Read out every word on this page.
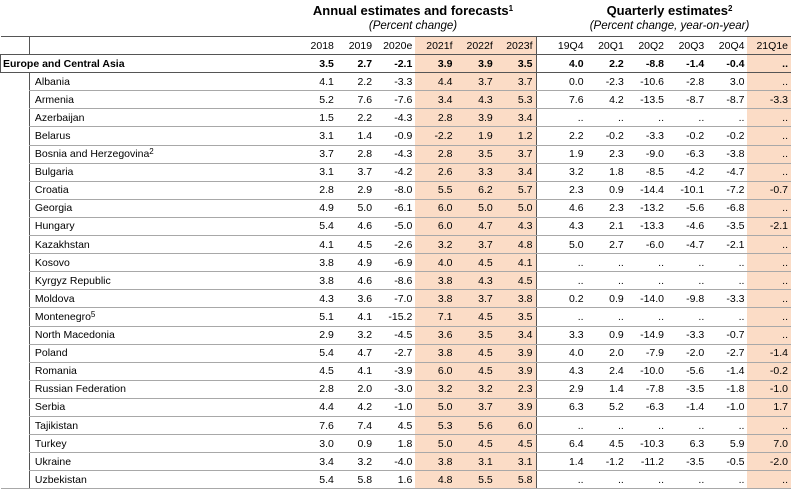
Annual estimates and forecasts$^1$
(Percent change)
Quarterly estimates$^2$
(Percent change, year-on-year)
			2018	2019	2020e	2021f	2022f	2023f		19Q4	20Q1	20Q2	20Q3	20Q4	21Q1e
Europe and Central Asia			3.5	2.7	-2.1	3.9	3.9	3.5		4.0	2.2	-8.8	-1.4	-0.4	..
		Albania	4.1	2.2	-3.3	4.4	3.7	3.7		0.0	-2.3	-10.6	-2.8	3.0	..
		Armenia	5.2	7.6	-7.6	3.4	4.3	5.3		7.6	4.2	-13.5	-8.7	-8.7	-3.3
		Azerbaijan	1.5	2.2	-4.3	2.8	3.9	3.4		..	..	..	..	..	..
		Belarus	3.1	1.4	-0.9	-2.2	1.9	1.2		2.2	-0.2	-3.3	-0.2	-0.2	..
		Bosnia and Herzegovina$^2$	3.7	2.8	-4.3	2.8	3.5	3.7		1.9	2.3	-9.0	-6.3	-3.8	..
		Bulgaria	3.1	3.7	-4.2	2.6	3.3	3.4		3.2	1.8	-8.5	-4.2	-4.7	..
		Croatia	2.8	2.9	-8.0	5.5	6.2	5.7		2.3	0.9	-14.4	-10.1	-7.2	-0.7
		Georgia	4.9	5.0	-6.1	6.0	5.0	5.0		4.6	2.3	-13.2	-5.6	-6.8	..
		Hungary	5.4	4.6	-5.0	6.0	4.7	4.3		4.3	2.1	-13.3	-4.6	-3.5	-2.1
		Kazakhstan	4.1	4.5	-2.6	3.2	3.7	4.8		5.0	2.7	-6.0	-4.7	-2.1	..
		Kosovo	3.8	4.9	-6.9	4.0	4.5	4.1		..	..	..	..	..	..
		Kyrgyz Republic	3.8	4.6	-8.6	3.8	4.3	4.5		..	..	..	..	..	..
		Moldova	4.3	3.6	-7.0	3.8	3.7	3.8		0.2	0.9	-14.0	-9.8	-3.3	..
		Montenegro$^5$	5.1	4.1	-15.2	7.1	4.5	3.5		..	..	..	..	..	..
		North Macedonia	2.9	3.2	-4.5	3.6	3.5	3.4		3.3	0.9	-14.9	-3.3	-0.7	..
		Poland	5.4	4.7	-2.7	3.8	4.5	3.9		4.0	2.0	-7.9	-2.0	-2.7	-1.4
		Romania	4.5	4.1	-3.9	6.0	4.5	3.9		4.3	2.4	-10.0	-5.6	-1.4	-0.2
		Russian Federation	2.8	2.0	-3.0	3.2	3.2	2.3		2.9	1.4	-7.8	-3.5	-1.8	-1.0
		Serbia	4.4	4.2	-1.0	5.0	3.7	3.9		6.3	5.2	-6.3	-1.4	-1.0	1.7
		Tajikistan	7.6	7.4	4.5	5.3	5.6	6.0		..	..	..	..	..	..
		Turkey	3.0	0.9	1.8	5.0	4.5	4.5		6.4	4.5	-10.3	6.3	5.9	7.0
		Ukraine	3.4	3.2	-4.0	3.8	3.1	3.1		1.4	-1.2	-11.2	-3.5	-0.5	-2.0
		Uzbekistan	5.4	5.8	1.6	4.8	5.5	5.8		..	..	..	..	..	..
